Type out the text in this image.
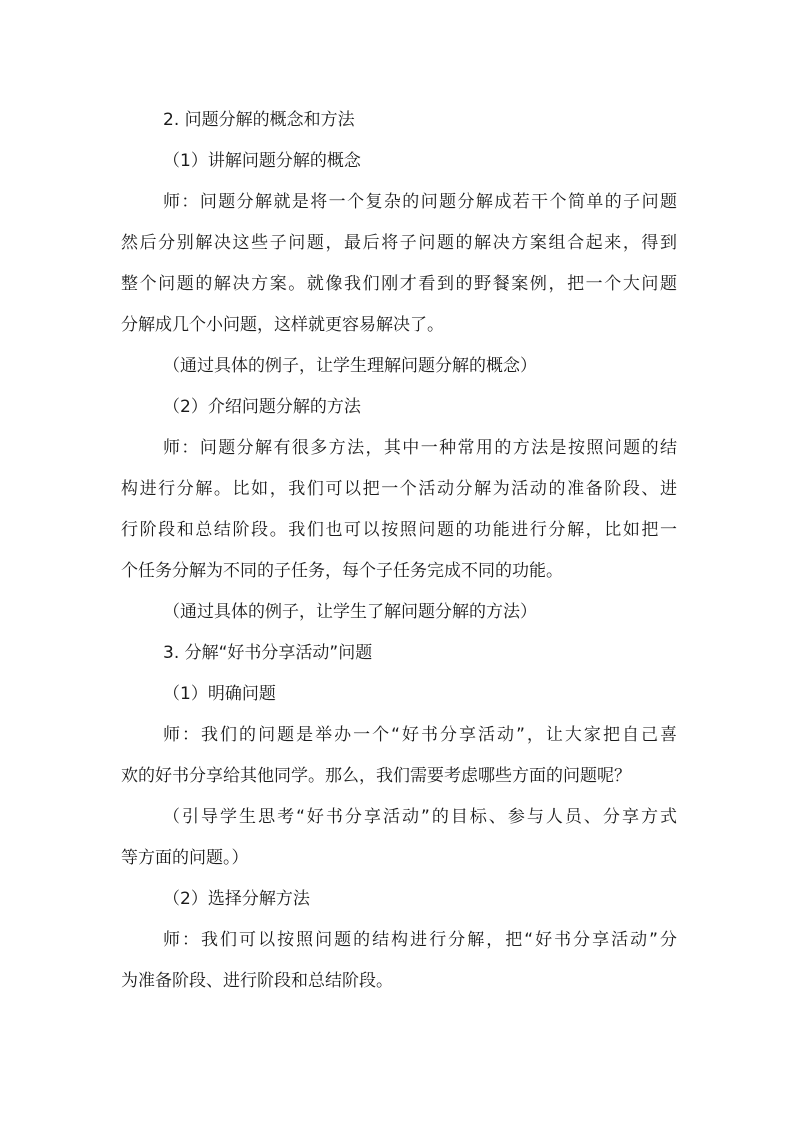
2. 问题分解的概念和方法
（1）讲解问题分解的概念
师：问题分解就是将一个复杂的问题分解成若干个简单的子问题
然后分别解决这些子问题，最后将子问题的解决方案组合起来，得到
整个问题的解决方案。就像我们刚才看到的野餐案例，把一个大问题
分解成几个小问题，这样就更容易解决了。
（通过具体的例子，让学生理解问题分解的概念）
（2）介绍问题分解的方法
师：问题分解有很多方法，其中一种常用的方法是按照问题的结
构进行分解。比如，我们可以把一个活动分解为活动的准备阶段、进
行阶段和总结阶段。我们也可以按照问题的功能进行分解，比如把一
个任务分解为不同的子任务，每个子任务完成不同的功能。
（通过具体的例子，让学生了解问题分解的方法）
3. 分解“好书分享活动”问题
（1）明确问题
师：我们的问题是举办一个“好书分享活动”，让大家把自己喜
欢的好书分享给其他同学。那么，我们需要考虑哪些方面的问题呢？
（引导学生思考“好书分享活动”的目标、参与人员、分享方式
等方面的问题。）
（2）选择分解方法
师：我们可以按照问题的结构进行分解，把“好书分享活动”分
为准备阶段、进行阶段和总结阶段。
